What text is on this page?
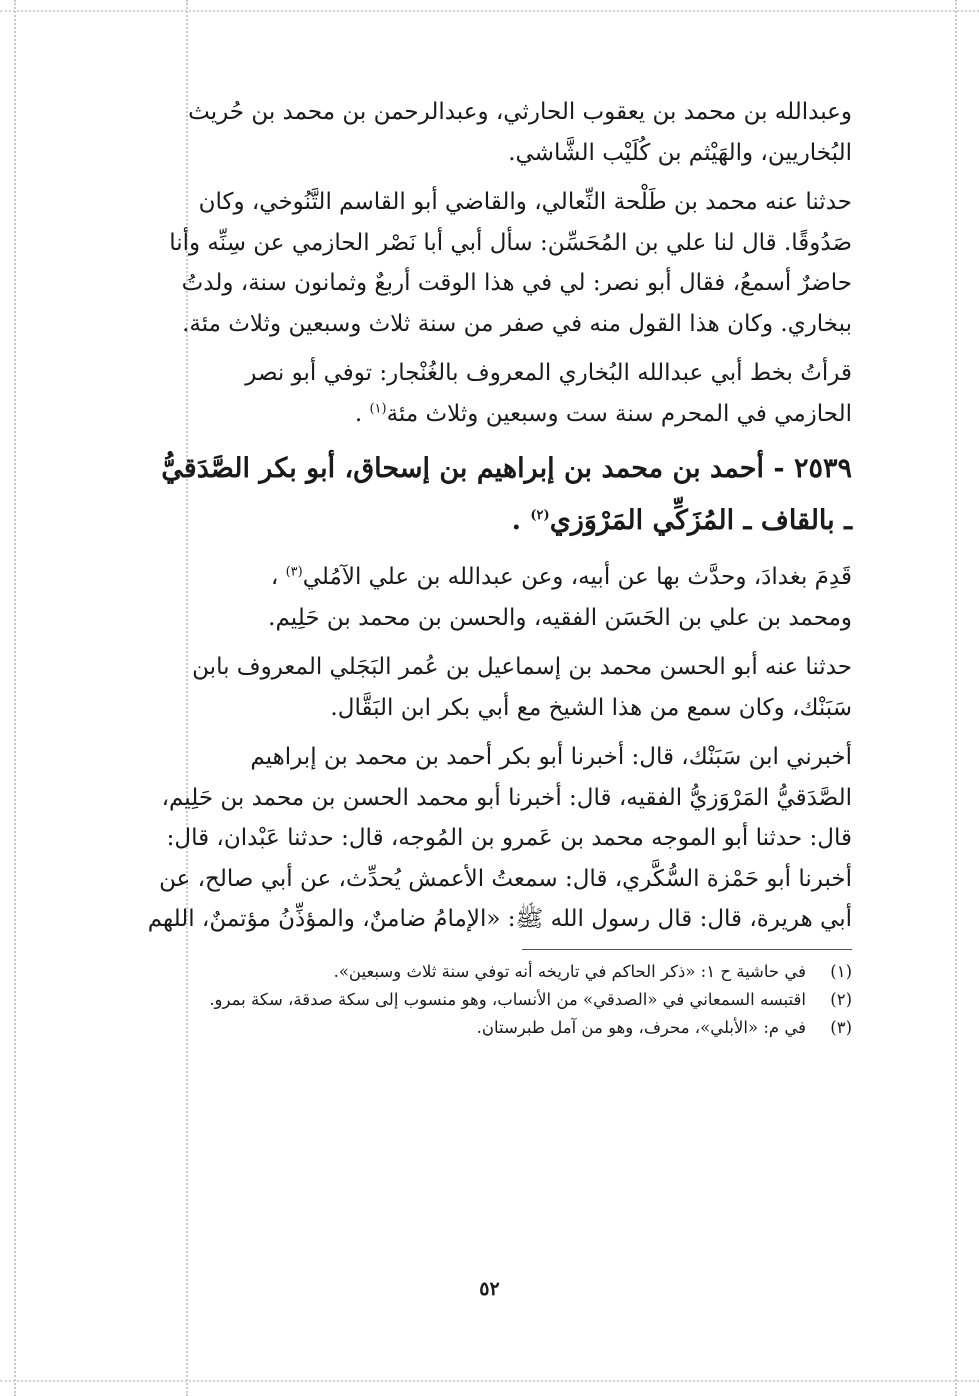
وعبدالله بن محمد بن يعقوب الحارثي، وعبدالرحمن بن محمد بن حُريث
البُخاريين، والهَيْثم بن كُلَيْب الشَّاشي.
حدثنا عنه محمد بن طَلْحة النِّعالي، والقاضي أبو القاسم التَّنُوخي، وكان
صَدُوقًا. قال لنا علي بن المُحَسِّن: سأل أبي أبا نَصْر الحازمي عن سِنِّه وأنا
حاضرٌ أسمعُ، فقال أبو نصر: لي في هذا الوقت أربعٌ وثمانون سنة، ولدتُ
ببخاري. وكان هذا القول منه في صفر من سنة ثلاث وسبعين وثلاث مئة.
قرأتُ بخط أبي عبدالله البُخاري المعروف بالغُنْجار: توفي أبو نصر
الحازمي في المحرم سنة ست وسبعين وثلاث مئة$^{(١)}$ .
٢٥٣٩ - أحمد بن محمد بن إبراهيم بن إسحاق، أبو بكر الصَّدَقيُّ
ـ بالقاف ـ المُزَكِّي المَرْوَزي$^{(٢)}$ .
قَدِمَ بغدادَ، وحدَّث بها عن أبيه، وعن عبدالله بن علي الآمُلي$^{(٣)}$ ،
ومحمد بن علي بن الحَسَن الفقيه، والحسن بن محمد بن حَلِيم.
حدثنا عنه أبو الحسن محمد بن إسماعيل بن عُمر البَجَلي المعروف بابن
سَبَنْك، وكان سمع من هذا الشيخ مع أبي بكر ابن البَقَّال.
أخبرني ابن سَبَنْك، قال: أخبرنا أبو بكر أحمد بن محمد بن إبراهيم
الصَّدَقيُّ المَرْوَزيُّ الفقيه، قال: أخبرنا أبو محمد الحسن بن محمد بن حَلِيم،
قال: حدثنا أبو الموجه محمد بن عَمرو بن المُوجه، قال: حدثنا عَبْدان، قال:
أخبرنا أبو حَمْزة السُّكَّري، قال: سمعتُ الأعمش يُحدِّث، عن أبي صالح، عن
أبي هريرة، قال: قال رسول الله ﷺ: «الإمامُ ضامنٌ، والمؤذِّنُ مؤتمنٌ، اللهم
(١)
في حاشية ح ١: «ذكر الحاكم في تاريخه أنه توفي سنة ثلاث وسبعين».
(٢)
اقتبسه السمعاني في «الصدقي» من الأنساب، وهو منسوب إلى سكة صدقة، سكة بمرو.
(٣)
في م: «الأبلي»، محرف، وهو من آمل طبرستان.
٥٢
